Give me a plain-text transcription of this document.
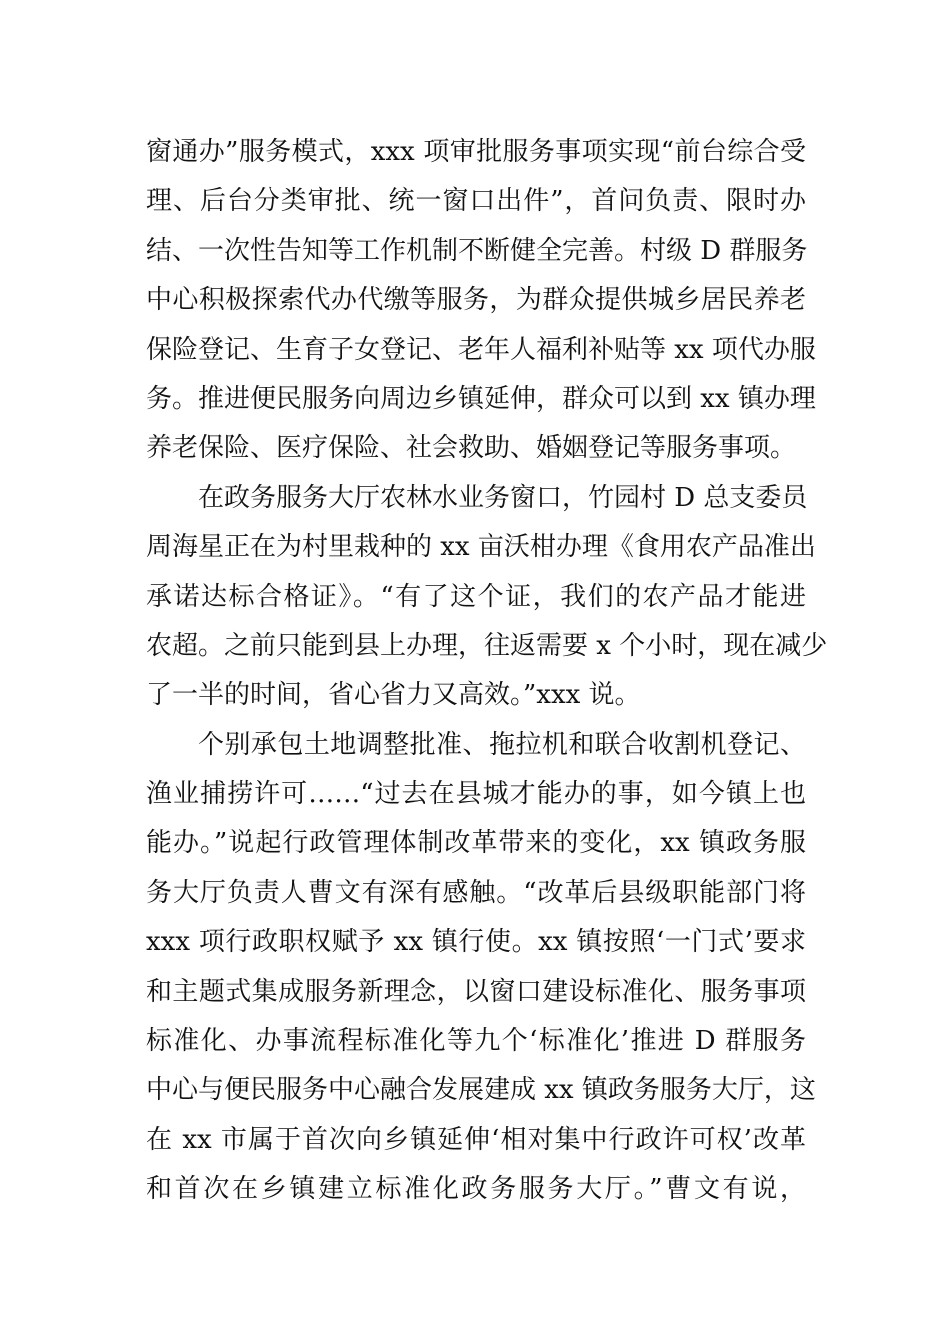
窗通办”服务模式，xxx 项审批服务事项实现“前台综合受
理、后台分类审批、统一窗口出件”，首问负责、限时办
结、一次性告知等工作机制不断健全完善。村级 D 群服务
中心积极探索代办代缴等服务，为群众提供城乡居民养老
保险登记、生育子女登记、老年人福利补贴等 xx 项代办服
务。推进便民服务向周边乡镇延伸，群众可以到 xx 镇办理
养老保险、医疗保险、社会救助、婚姻登记等服务事项。
在政务服务大厅农林水业务窗口，竹园村 D 总支委员
周海星正在为村里栽种的 xx 亩沃柑办理《食用农产品准出
承诺达标合格证》。“有了这个证，我们的农产品才能进
农超。之前只能到县上办理，往返需要 x 个小时，现在减少
了一半的时间，省心省力又高效。”xxx 说。
个别承包土地调整批准、拖拉机和联合收割机登记、
渔业捕捞许可……“过去在县城才能办的事，如今镇上也
能办。”说起行政管理体制改革带来的变化，xx 镇政务服
务大厅负责人曹文有深有感触。“改革后县级职能部门将
xxx 项行政职权赋予 xx 镇行使。xx 镇按照‘一门式’要求
和主题式集成服务新理念，以窗口建设标准化、服务事项
标准化、办事流程标准化等九个‘标准化’推进 D 群服务
中心与便民服务中心融合发展建成 xx 镇政务服务大厅，这
在 xx 市属于首次向乡镇延伸‘相对集中行政许可权’改革
和首次在乡镇建立标准化政务服务大厅。”曹文有说，
